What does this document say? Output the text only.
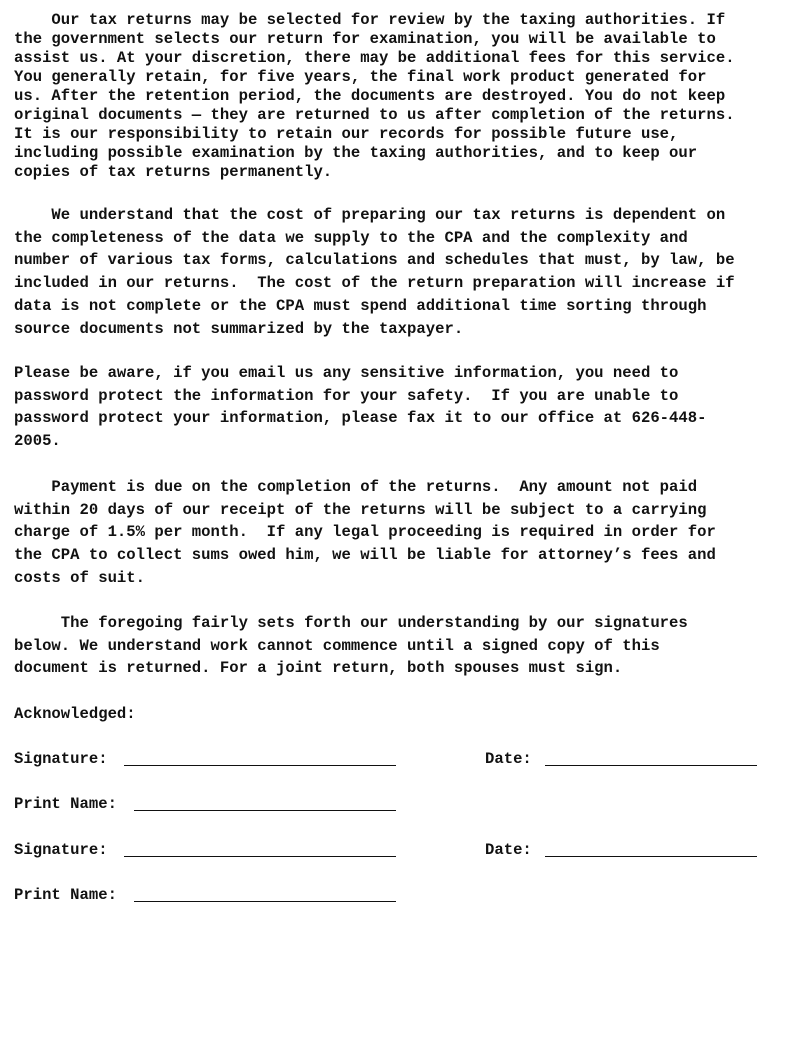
Our tax returns may be selected for review by the taxing authorities. If
the government selects our return for examination, you will be available to
assist us. At your discretion, there may be additional fees for this service.
You generally retain, for five years, the final work product generated for
us. After the retention period, the documents are destroyed. You do not keep
original documents — they are returned to us after completion of the returns.
It is our responsibility to retain our records for possible future use,
including possible examination by the taxing authorities, and to keep our
copies of tax returns permanently.

We understand that the cost of preparing our tax returns is dependent on
the completeness of the data we supply to the CPA and the complexity and
number of various tax forms, calculations and schedules that must, by law, be
included in our returns.  The cost of the return preparation will increase if
data is not complete or the CPA must spend additional time sorting through
source documents not summarized by the taxpayer.

Please be aware, if you email us any sensitive information, you need to
password protect the information for your safety.  If you are unable to
password protect your information, please fax it to our office at 626-448-
2005.

Payment is due on the completion of the returns.  Any amount not paid
within 20 days of our receipt of the returns will be subject to a carrying
charge of 1.5% per month.  If any legal proceeding is required in order for
the CPA to collect sums owed him, we will be liable for attorney’s fees and
costs of suit.

The foregoing fairly sets forth our understanding by our signatures
below. We understand work cannot commence until a signed copy of this
document is returned. For a joint return, both spouses must sign.

Acknowledged:
Signature:	Date:
Print Name:
Signature:	Date:
Print Name:
